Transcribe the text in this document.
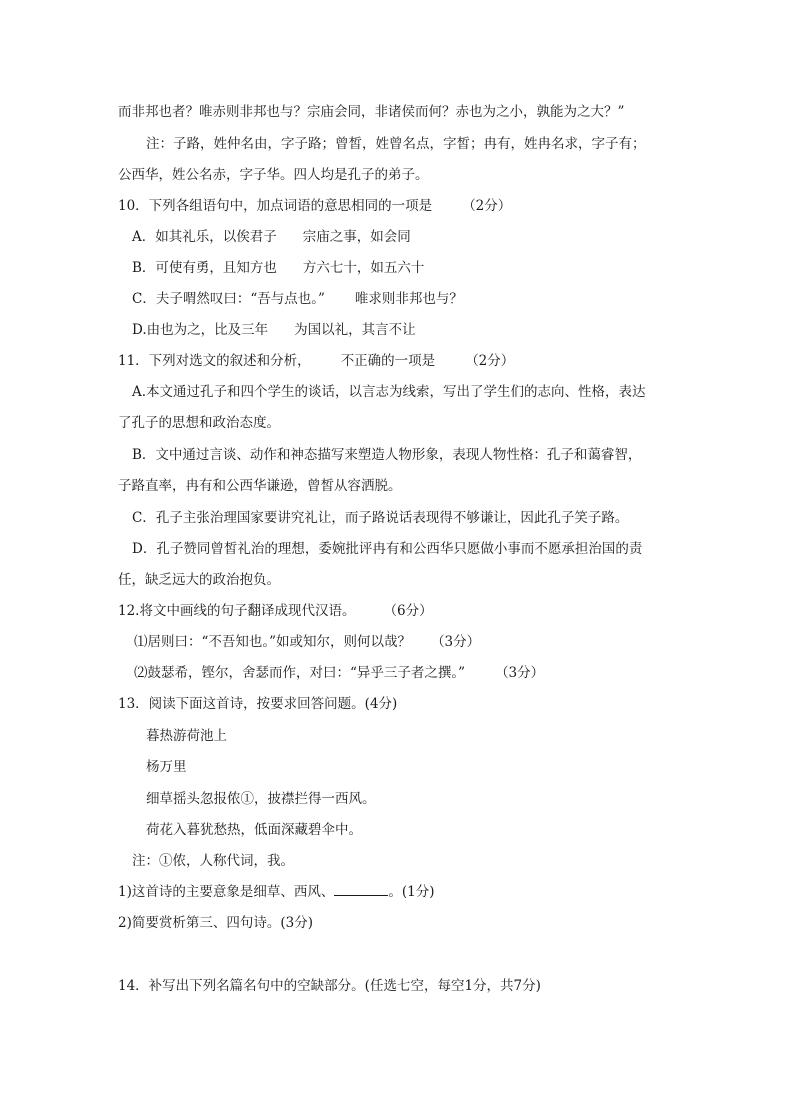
而非邦也者？唯赤则非邦也与？宗庙会同，非诸侯而何？赤也为之小，孰能为之大？”
注：子路，姓仲名由，字子路；曾皙，姓曾名点，字皙；冉有，姓冉名求，字子有；
公西华，姓公名赤，字子华。四人均是孔子的弟子。
10．下列各组语句中，加点词语的意思相同的一项是 （2分）
A．如其礼乐，以俟君子 宗庙之事，如会同
B．可使有勇，且知方也 方六七十，如五六十
C．夫子喟然叹曰：“吾与点也。” 唯求则非邦也与？
D.由也为之，比及三年 为国以礼，其言不让
11．下列对选文的叙述和分析， 不正确的一项是 （2分）
A.本文通过孔子和四个学生的谈话，以言志为线索，写出了学生们的志向、性格，表达
了孔子的思想和政治态度。
B．文中通过言谈、动作和神态描写来塑造人物形象，表现人物性格：孔子和蔼睿智，
子路直率，冉有和公西华谦逊，曾皙从容洒脱。
C．孔子主张治理国家要讲究礼让，而子路说话表现得不够谦让，因此孔子笑子路。
D．孔子赞同曾皙礼治的理想，委婉批评冉有和公西华只愿做小事而不愿承担治国的责
任，缺乏远大的政治抱负。
12.将文中画线的句子翻译成现代汉语。 （6分）
⑴居则曰：“不吾知也。”如或知尔，则何以哉？ （3分）
⑵鼓瑟希，铿尔，舍瑟而作，对曰：“异乎三子者之撰。” （3分）
13．阅读下面这首诗，按要求回答问题。(4分)
暮热游荷池上
杨万里
细草摇头忽报侬①，披襟拦得一西风。
荷花入暮犹愁热，低面深藏碧伞中。
注：①侬，人称代词，我。
1)这首诗的主要意象是细草、西风、	。(1分)
2)简要赏析第三、四句诗。(3分)
14．补写出下列名篇名句中的空缺部分。(任选七空，每空1分，共7分)
